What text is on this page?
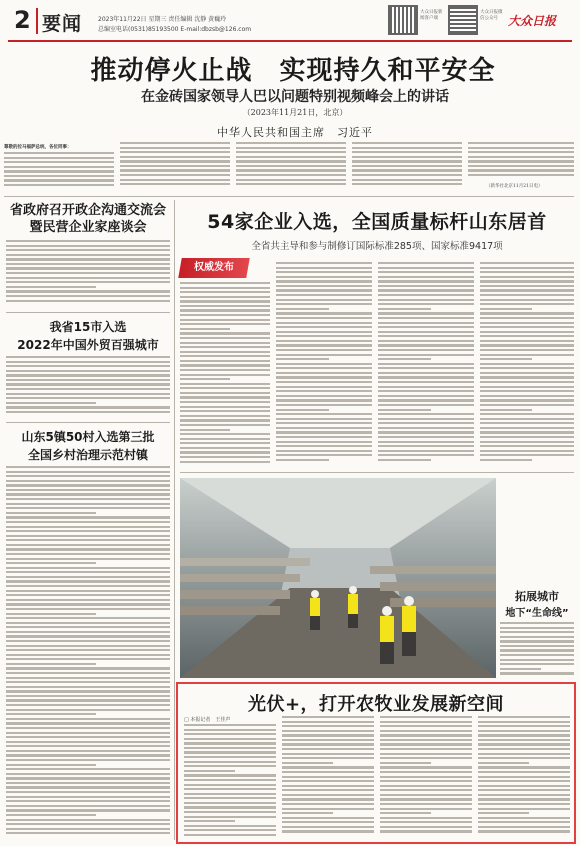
2 要闻	2023年11月22日 星期三 责任编辑 沈静 黄巍玲
总编室电话(0531)85193500 E-mail:dbzsb@126.com
大众日报新闻客户端
大众日报微信公众号 大众日报
推动停火止战　实现持久和平安全
在金砖国家领导人巴以问题特别视频峰会上的讲话
（2023年11月21日，北京）
中华人民共和国主席　习近平
尊敬的拉马福萨总统，各位同事：
（新华社北京11月21日电）
省政府召开政企沟通交流会暨民营企业家座谈会
我省15市入选
2022年中国外贸百强城市
山东5镇50村入选第三批
全国乡村治理示范村镇
54家企业入选，全国质量标杆山东居首
全省共主导和参与制修订国际标准285项、国家标准9417项
权威发布
拓展城市
地下“生命线”
光伏+，打开农牧业发展新空间
□ 本报记者　王佳声
